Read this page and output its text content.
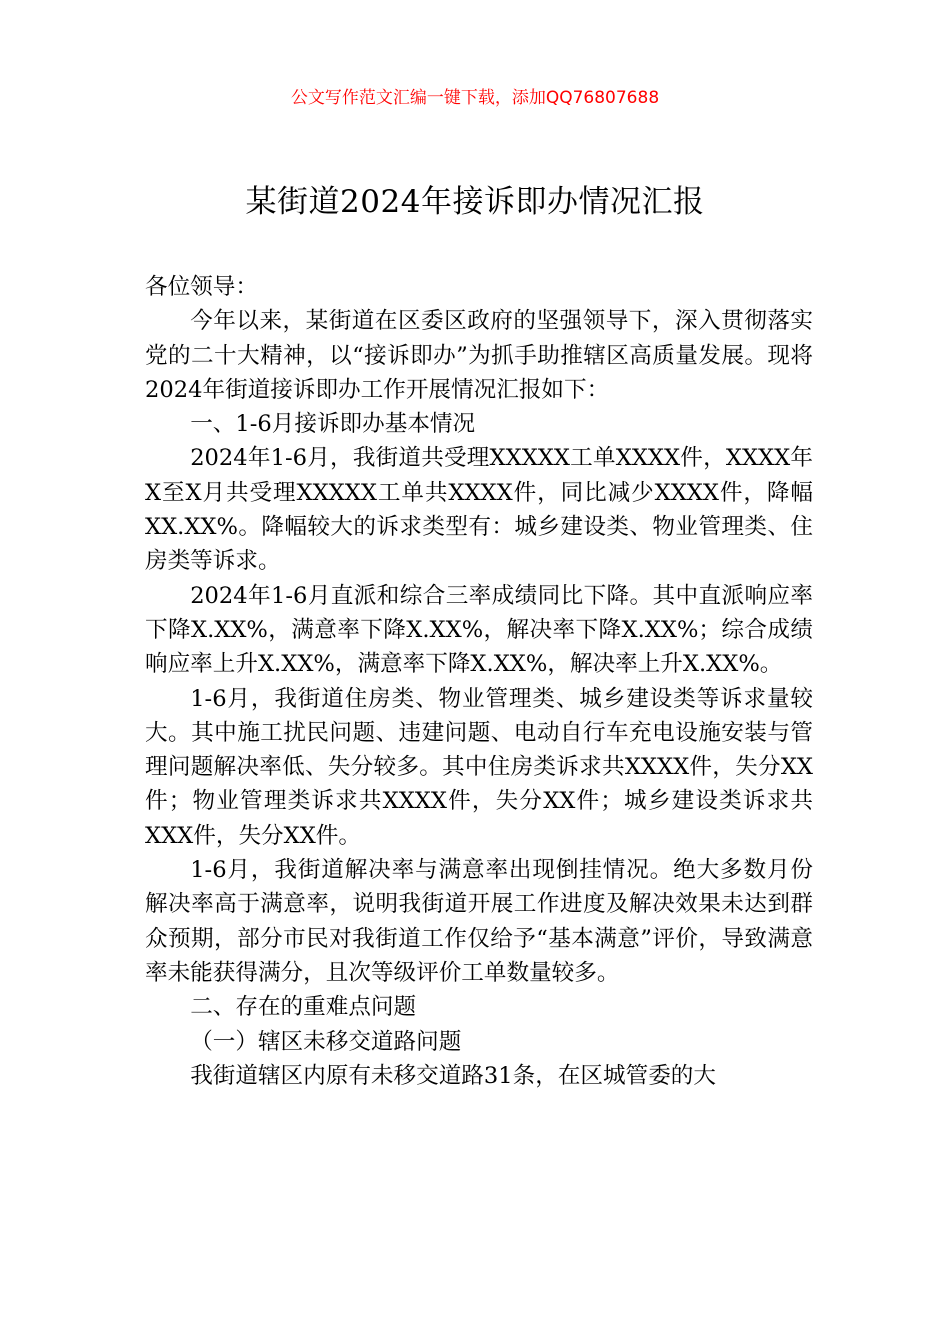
公文写作范文汇编一键下载，添加QQ76807688
某街道2024年接诉即办情况汇报

各位领导：

今年以来，某街道在区委区政府的坚强领导下，深入贯彻落实党的二十大精神，以“接诉即办”为抓手助推辖区高质量发展。现将2024年街道接诉即办工作开展情况汇报如下：

一、1-6月接诉即办基本情况

2024年1-6月，我街道共受理XXXXX工单XXXX件，XXXX年X至X月共受理XXXXX工单共XXXX件，同比减少XXXX件，降幅XX.XX%。降幅较大的诉求类型有：城乡建设类、物业管理类、住房类等诉求。

2024年1-6月直派和综合三率成绩同比下降。其中直派响应率下降X.XX%，满意率下降X.XX%，解决率下降X.XX%；综合成绩响应率上升X.XX%，满意率下降X.XX%，解决率上升X.XX%。

1-6月，我街道住房类、物业管理类、城乡建设类等诉求量较大。其中施工扰民问题、违建问题、电动自行车充电设施安装与管理问题解决率低、失分较多。其中住房类诉求共XXXX件，失分XX件；物业管理类诉求共XXXX件，失分XX件；城乡建设类诉求共XXX件，失分XX件。

1-6月，我街道解决率与满意率出现倒挂情况。绝大多数月份解决率高于满意率，说明我街道开展工作进度及解决效果未达到群众预期，部分市民对我街道工作仅给予“基本满意”评价，导致满意率未能获得满分，且次等级评价工单数量较多。

二、存在的重难点问题

（一）辖区未移交道路问题

我街道辖区内原有未移交道路31条，在区城管委的大
